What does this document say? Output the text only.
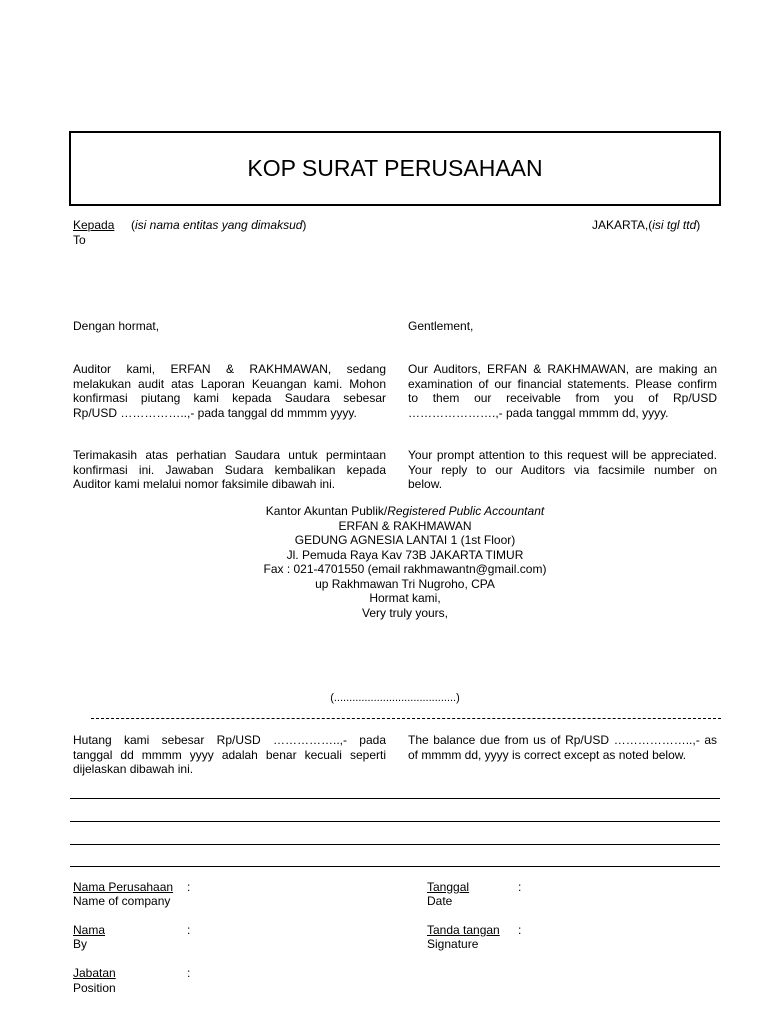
KOP SURAT PERUSAHAAN
Kepada
To
(isi nama entitas yang dimaksud)	JAKARTA,(isi tgl ttd)
Dengan hormat,	Gentlement,
Auditor kami, ERFAN & RAKHMAWAN, sedang
melakukan audit atas Laporan Keuangan kami. Mohon
konfirmasi piutang kami kepada Saudara sebesar
Rp/USD ……………..,- pada tanggal dd mmmm yyyy.
Our Auditors, ERFAN & RAKHMAWAN, are making an
examination of our financial statements. Please confirm
to them our receivable from you of Rp/USD
………………….,- pada tanggal mmmm dd, yyyy.
Terimakasih atas perhatian Saudara untuk permintaan
konfirmasi ini. Jawaban Sudara kembalikan kepada
Auditor kami melalui nomor faksimile dibawah ini.
Your prompt attention to this request will be appreciated.
Your reply to our Auditors via facsimile number on
below.
Kantor Akuntan Publik/Registered Public Accountant
ERFAN & RAKHMAWAN
GEDUNG AGNESIA LANTAI 1 (1st Floor)
Jl. Pemuda Raya Kav 73B JAKARTA TIMUR
Fax : 021-4701550 (email rakhmawantn@gmail.com)
up Rakhmawan Tri Nugroho, CPA
Hormat kami,
Very truly yours,
(........................................)
Hutang kami sebesar Rp/USD ……………..,- pada
tanggal dd mmmm yyyy adalah benar kecuali seperti
dijelaskan dibawah ini.
The balance due from us of Rp/USD ………………..,- as
of mmmm dd, yyyy is correct except as noted below.
Nama Perusahaan
Name of company
:
Nama
By
:
Jabatan
Position
:
Tanggal
Date
:
Tanda tangan
Signature
:
